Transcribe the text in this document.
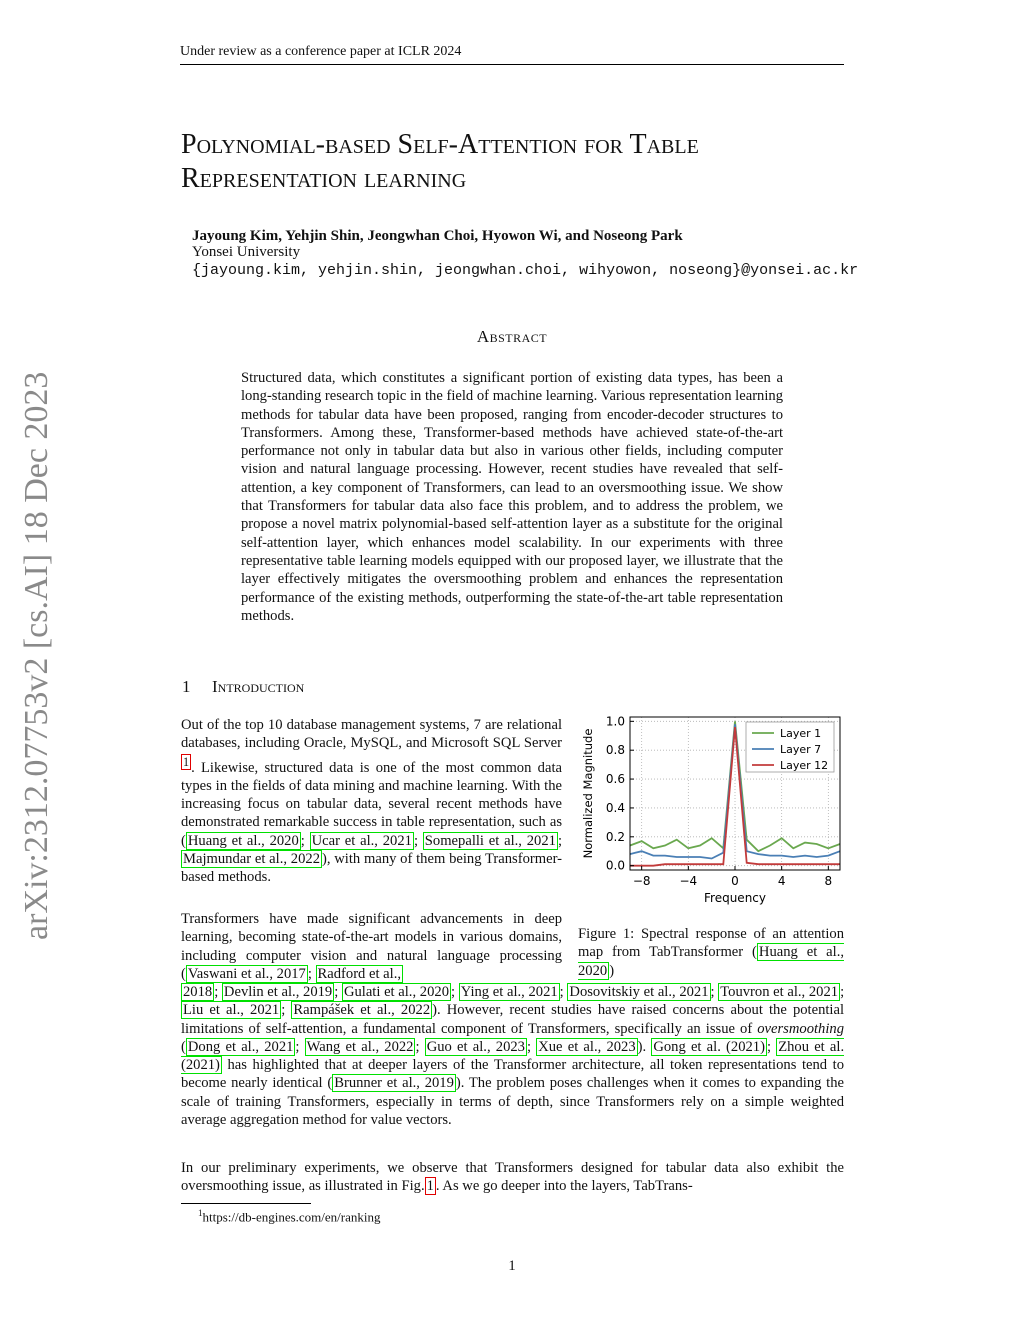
Under review as a conference paper at ICLR 2024
arXiv:2312.07753v2 [cs.AI] 18 Dec 2023
Polynomial-based Self-Attention for Table
Representation learning
Jayoung Kim, Yehjin Shin, Jeongwhan Choi, Hyowon Wi, and Noseong Park
Yonsei University
{jayoung.kim, yehjin.shin, jeongwhan.choi, wihyowon, noseong}@yonsei.ac.kr
Abstract

Structured data, which constitutes a significant portion of existing data types, has been a long-standing research topic in the field of machine learning. Various representation learning methods for tabular data have been proposed, ranging from encoder-decoder structures to Transformers. Among these, Transformer-based methods have achieved state-of-the-art performance not only in tabular data but also in various other fields, including computer vision and natural language processing. However, recent studies have revealed that self-attention, a key component of Transformers, can lead to an oversmoothing issue. We show that Transformers for tabular data also face this problem, and to address the problem, we propose a novel matrix polynomial-based self-attention layer as a substitute for the original self-attention layer, which enhances model scalability. In our experiments with three representative table learning models equipped with our proposed layer, we illustrate that the layer effectively mitigates the oversmoothing problem and enhances the representation performance of the existing methods, outperforming the state-of-the-art table representation methods.

1 Introduction

Out of the top 10 database management systems, 7 are relational databases, including Oracle, MySQL, and Microsoft SQL Server $^1$ . Likewise, structured data is one of the most common data types in the fields of data mining and machine learning. With the increasing focus on tabular data, several recent methods have demonstrated remarkable success in table representation, such as ( Huang et al., 2020 ; Ucar et al., 2021 ; Somepalli et al., 2021 ; Majmundar et al., 2022 ), with many of them being Transformer-based methods.

Transformers have made significant advancements in deep learning, becoming state-of-the-art models in various domains, including computer vision and natural language processing ( Vaswani et al., 2017 ; Radford et al.,

2018 ; Devlin et al., 2019 ; Gulati et al., 2020 ; Ying et al., 2021 ; Dosovitskiy et al., 2021 ; Touvron et al., 2021 ; Liu et al., 2021 ; Rampášek et al., 2022 ). However, recent studies have raised concerns about the potential limitations of self-attention, a fundamental component of Transformers, specifically an issue of oversmoothing ( Dong et al., 2021 ; Wang et al., 2022 ; Guo et al., 2023 ; Xue et al., 2023 ). Gong et al. (2021) ; Zhou et al. (2021) has highlighted that at deeper layers of the Transformer architecture, all token representations tend to become nearly identical ( Brunner et al., 2019 ). The problem poses challenges when it comes to expanding the scale of training Transformers, especially in terms of depth, since Transformers rely on a simple weighted average aggregation method for value vectors.

In our preliminary experiments, we observe that Transformers designed for tabular data also exhibit the oversmoothing issue, as illustrated in Fig. 1 . As we go deeper into the layers, TabTrans-

−8 −4	0	4	8
0.0
0.2
0.4
0.6
0.8
1.0
Frequency
Normalized Magnitude	Layer 1
Layer 7
Layer 12

Figure 1: Spectral response of an attention map from TabTransformer ( Huang et al., 2020 )

$^1$https://db-engines.com/en/ranking
1
